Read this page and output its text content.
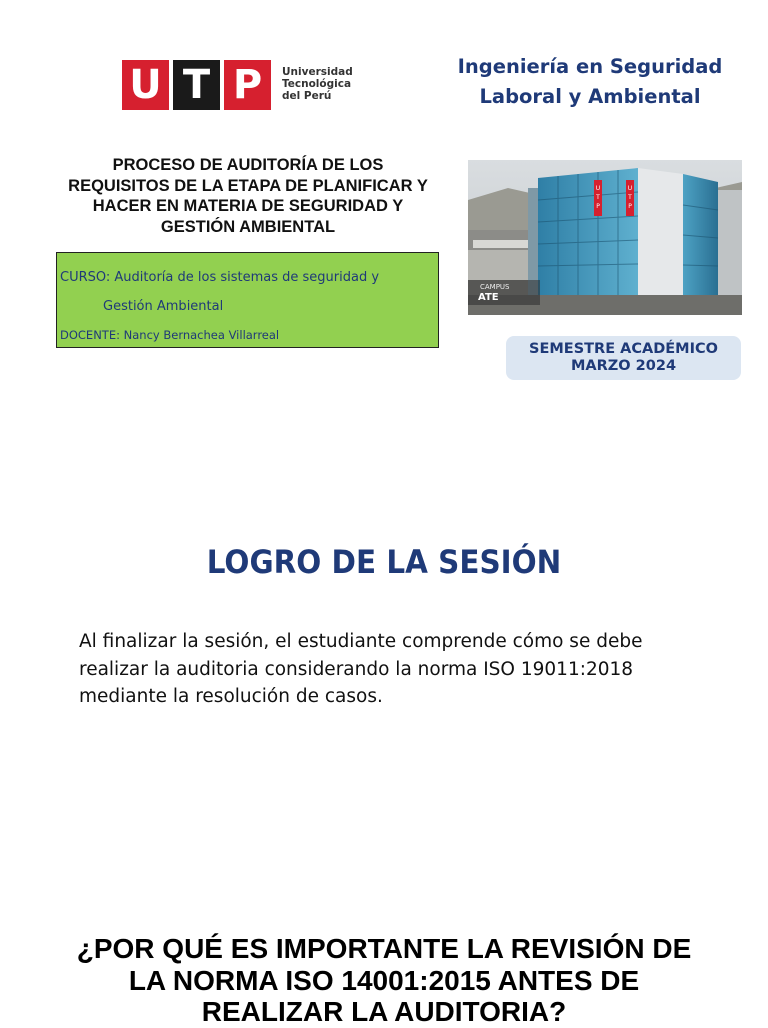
U T P	Universidad
Tecnológica
del Perú
Ingeniería en Seguridad
Laboral y Ambiental
PROCESO DE AUDITORÍA DE LOS
REQUISITOS DE LA ETAPA DE PLANIFICAR Y
HACER EN MATERIA DE SEGURIDAD Y
GESTIÓN AMBIENTAL
U T P
U T P
CAMPUS
ATE
CURSO: Auditoría de los sistemas de seguridad y
Gestión Ambiental
DOCENTE: Nancy Bernachea Villarreal
SEMESTRE ACADÉMICO
MARZO 2024
LOGRO DE LA SESIÓN
Al finalizar la sesión, el estudiante comprende cómo se debe
realizar la auditoria considerando la norma ISO 19011:2018
mediante la resolución de casos.
¿POR QUÉ ES IMPORTANTE LA REVISIÓN DE
LA NORMA ISO 14001:2015 ANTES DE
REALIZAR LA AUDITORIA?
